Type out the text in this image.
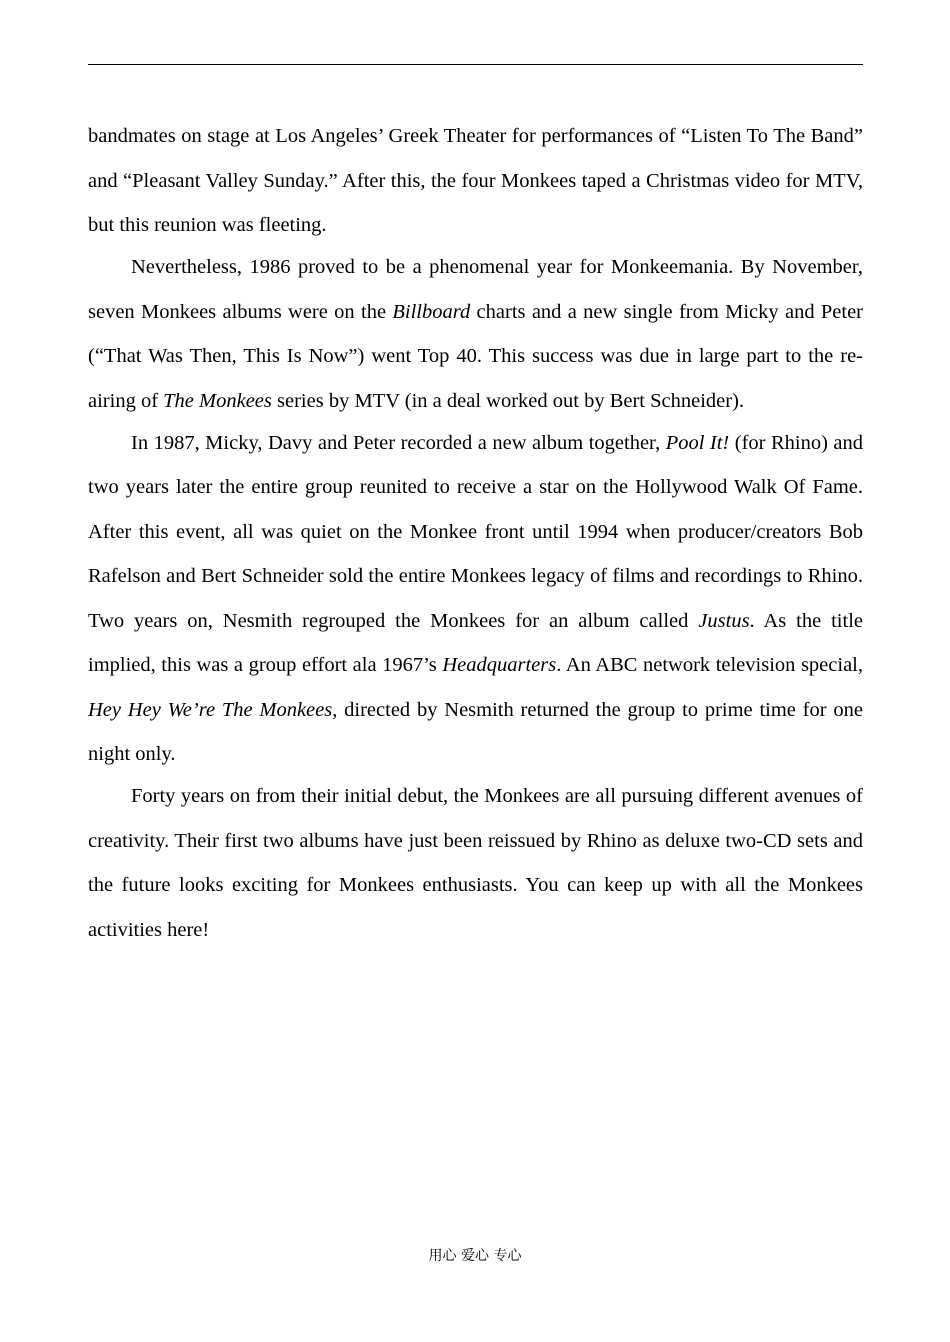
bandmates on stage at Los Angeles’ Greek Theater for performances of “Listen To The Band” and “Pleasant Valley Sunday.” After this, the four Monkees taped a Christmas video for MTV, but this reunion was fleeting.

Nevertheless, 1986 proved to be a phenomenal year for Monkeemania. By November, seven Monkees albums were on the Billboard charts and a new single from Micky and Peter (“That Was Then, This Is Now”) went Top 40. This success was due in large part to the re-airing of The Monkees series by MTV (in a deal worked out by Bert Schneider).

In 1987, Micky, Davy and Peter recorded a new album together, Pool It! (for Rhino) and two years later the entire group reunited to receive a star on the Hollywood Walk Of Fame. After this event, all was quiet on the Monkee front until 1994 when producer/creators Bob Rafelson and Bert Schneider sold the entire Monkees legacy of films and recordings to Rhino. Two years on, Nesmith regrouped the Monkees for an album called Justus. As the title implied, this was a group effort ala 1967’s Headquarters. An ABC network television special, Hey Hey We’re The Monkees, directed by Nesmith returned the group to prime time for one night only.

Forty years on from their initial debut, the Monkees are all pursuing different avenues of creativity. Their first two albums have just been reissued by Rhino as deluxe two-CD sets and the future looks exciting for Monkees enthusiasts. You can keep up with all the Monkees activities here!

用心 爱心 专心
